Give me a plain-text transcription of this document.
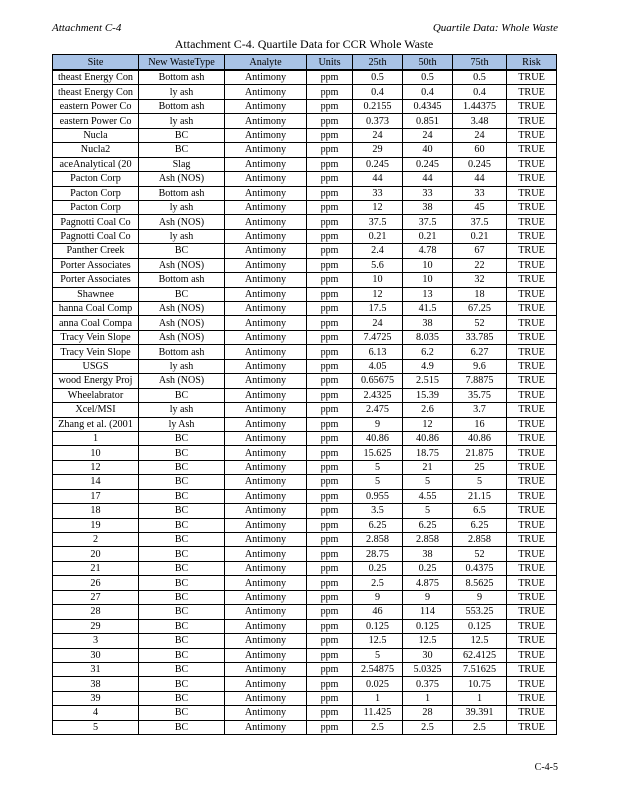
Attachment C-4	Quartile Data: Whole Waste
Attachment C-4. Quartile Data for CCR Whole Waste
Site	New WasteType	Analyte	Units	25th	50th	75th	Risk
theast Energy Con	Bottom ash	Antimony	ppm	0.5	0.5	0.5	TRUE
theast Energy Con	ly ash	Antimony	ppm	0.4	0.4	0.4	TRUE
eastern Power Co	Bottom ash	Antimony	ppm	0.2155	0.4345	1.44375	TRUE
eastern Power Co	ly ash	Antimony	ppm	0.373	0.851	3.48	TRUE
Nucla	BC	Antimony	ppm	24	24	24	TRUE
Nucla2	BC	Antimony	ppm	29	40	60	TRUE
aceAnalytical (20	Slag	Antimony	ppm	0.245	0.245	0.245	TRUE
Pacton Corp	Ash (NOS)	Antimony	ppm	44	44	44	TRUE
Pacton Corp	Bottom ash	Antimony	ppm	33	33	33	TRUE
Pacton Corp	ly ash	Antimony	ppm	12	38	45	TRUE
Pagnotti Coal Co	Ash (NOS)	Antimony	ppm	37.5	37.5	37.5	TRUE
Pagnotti Coal Co	ly ash	Antimony	ppm	0.21	0.21	0.21	TRUE
Panther Creek	BC	Antimony	ppm	2.4	4.78	67	TRUE
Porter Associates	Ash (NOS)	Antimony	ppm	5.6	10	22	TRUE
Porter Associates	Bottom ash	Antimony	ppm	10	10	32	TRUE
Shawnee	BC	Antimony	ppm	12	13	18	TRUE
hanna Coal Comp	Ash (NOS)	Antimony	ppm	17.5	41.5	67.25	TRUE
anna Coal Compa	Ash (NOS)	Antimony	ppm	24	38	52	TRUE
Tracy Vein Slope	Ash (NOS)	Antimony	ppm	7.4725	8.035	33.785	TRUE
Tracy Vein Slope	Bottom ash	Antimony	ppm	6.13	6.2	6.27	TRUE
USGS	ly ash	Antimony	ppm	4.05	4.9	9.6	TRUE
wood Energy Proj	Ash (NOS)	Antimony	ppm	0.65675	2.515	7.8875	TRUE
Wheelabrator	BC	Antimony	ppm	2.4325	15.39	35.75	TRUE
Xcel/MSI	ly ash	Antimony	ppm	2.475	2.6	3.7	TRUE
Zhang et al. (2001	ly Ash	Antimony	ppm	9	12	16	TRUE
1	BC	Antimony	ppm	40.86	40.86	40.86	TRUE
10	BC	Antimony	ppm	15.625	18.75	21.875	TRUE
12	BC	Antimony	ppm	5	21	25	TRUE
14	BC	Antimony	ppm	5	5	5	TRUE
17	BC	Antimony	ppm	0.955	4.55	21.15	TRUE
18	BC	Antimony	ppm	3.5	5	6.5	TRUE
19	BC	Antimony	ppm	6.25	6.25	6.25	TRUE
2	BC	Antimony	ppm	2.858	2.858	2.858	TRUE
20	BC	Antimony	ppm	28.75	38	52	TRUE
21	BC	Antimony	ppm	0.25	0.25	0.4375	TRUE
26	BC	Antimony	ppm	2.5	4.875	8.5625	TRUE
27	BC	Antimony	ppm	9	9	9	TRUE
28	BC	Antimony	ppm	46	114	553.25	TRUE
29	BC	Antimony	ppm	0.125	0.125	0.125	TRUE
3	BC	Antimony	ppm	12.5	12.5	12.5	TRUE
30	BC	Antimony	ppm	5	30	62.4125	TRUE
31	BC	Antimony	ppm	2.54875	5.0325	7.51625	TRUE
38	BC	Antimony	ppm	0.025	0.375	10.75	TRUE
39	BC	Antimony	ppm	1	1	1	TRUE
4	BC	Antimony	ppm	11.425	28	39.391	TRUE
5	BC	Antimony	ppm	2.5	2.5	2.5	TRUE
C-4-5
